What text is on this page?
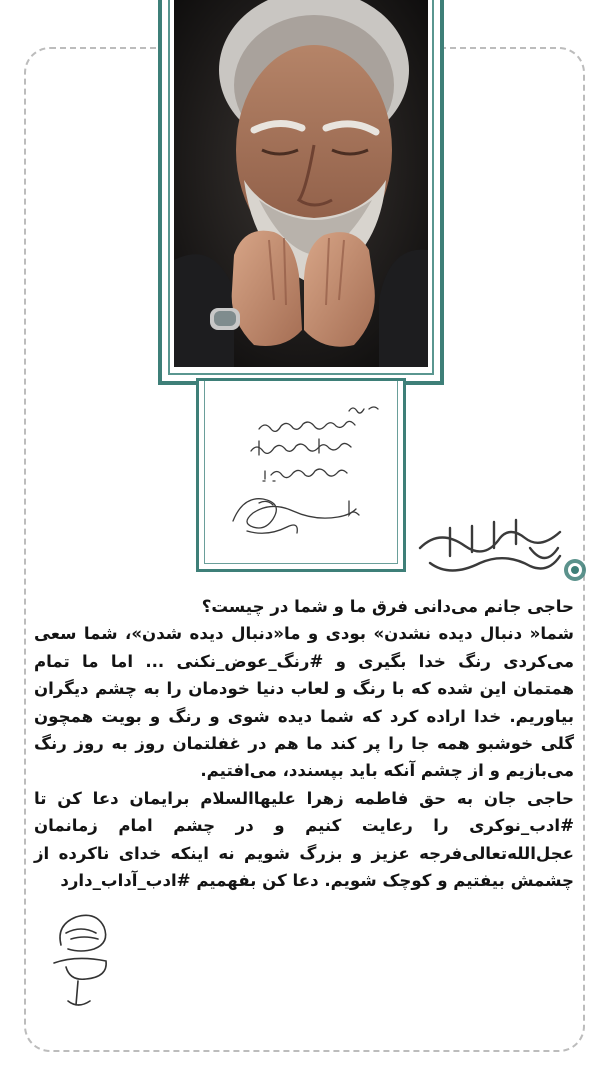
حاجی جانم می‌دانی فرق ما و شما در چیست؟

شما« دنبال دیده نشدن» بودی و ما«دنبال دیده شدن»، شما سعی می‌کردی رنگ خدا بگیری و #رنگ_عوض_نکنی ... اما ما تمام همتمان این شده که با رنگ و لعاب دنیا خودمان را به چشم دیگران بیاوریم. خدا اراده کرد که شما دیده شوی و رنگ و بویت همچون گلی خوشبو همه جا را پر کند ما هم در غفلتمان روز به روز رنگ می‌بازیم و از چشم آنکه باید بپسندد، می‌افتیم.

حاجی جان به حق فاطمه زهرا علیها‌السلام برایمان دعا کن تا #ادب_نوکری را رعایت کنیم و در چشم امام زمانمان عجل‌الله‌تعالی‌فرجه عزیز و بزرگ شویم نه اینکه خدای ناکرده از چشمش بیفتیم و کوچک شویم. دعا کن بفهمیم #ادب_آداب_دارد
